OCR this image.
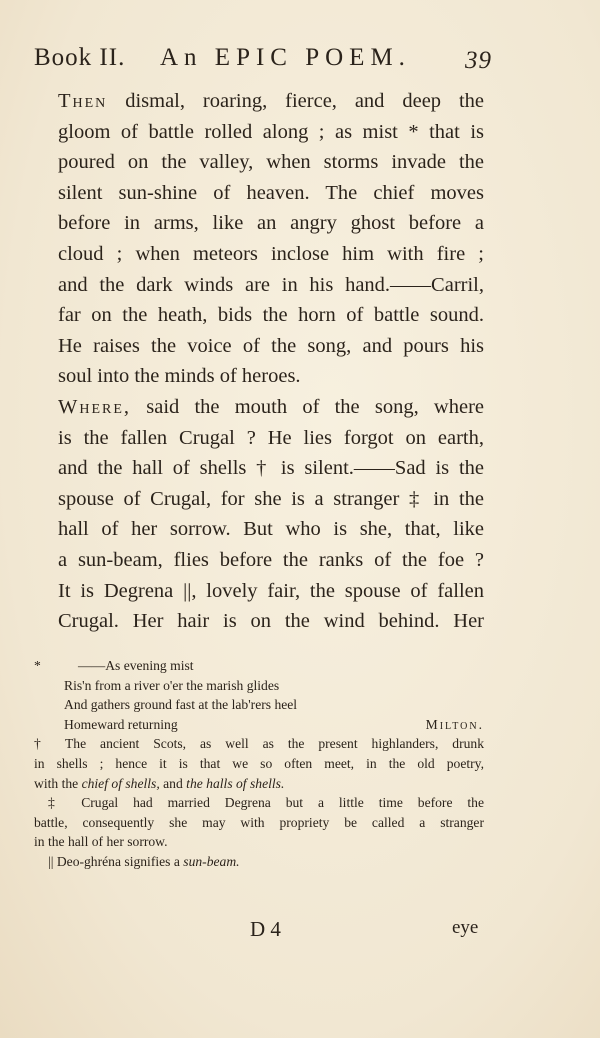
Book II. An EPIC POEM. 39

Then dismal, roaring, fierce, and deep the
gloom of battle rolled along ; as mist * that is
poured on the valley, when storms invade the
silent sun-shine of heaven. The chief moves
before in arms, like an angry ghost before a
cloud ; when meteors inclose him with fire ;
and the dark winds are in his hand.——Carril,
far on the heath, bids the horn of battle sound.
He raises the voice of the song, and pours his
soul into the minds of heroes.

Where, said the mouth of the song, where
is the fallen Crugal ? He lies forgot on earth,
and the hall of shells † is silent.——Sad is the
spouse of Crugal, for she is a stranger ‡ in the
hall of her sorrow. But who is she, that, like
a sun-beam, flies before the ranks of the foe ?
It is Degrena ||, lovely fair, the spouse of fallen
Crugal. Her hair is on the wind behind. Her

*	——As evening mist
Ris'n from a river o'er the marish glides
And gathers ground fast at the lab'rers heel
Homeward returning	Milton.
† The ancient Scots, as well as the present highlanders, drunk
in shells ; hence it is that we so often meet, in the old poetry,
with the chief of shells, and the halls of shells.
‡ Crugal had married Degrena but a little time before the
battle, consequently she may with propriety be called a stranger
in the hall of her sorrow.
|| Deo-ghréna signifies a sun-beam.
D 4	eye
